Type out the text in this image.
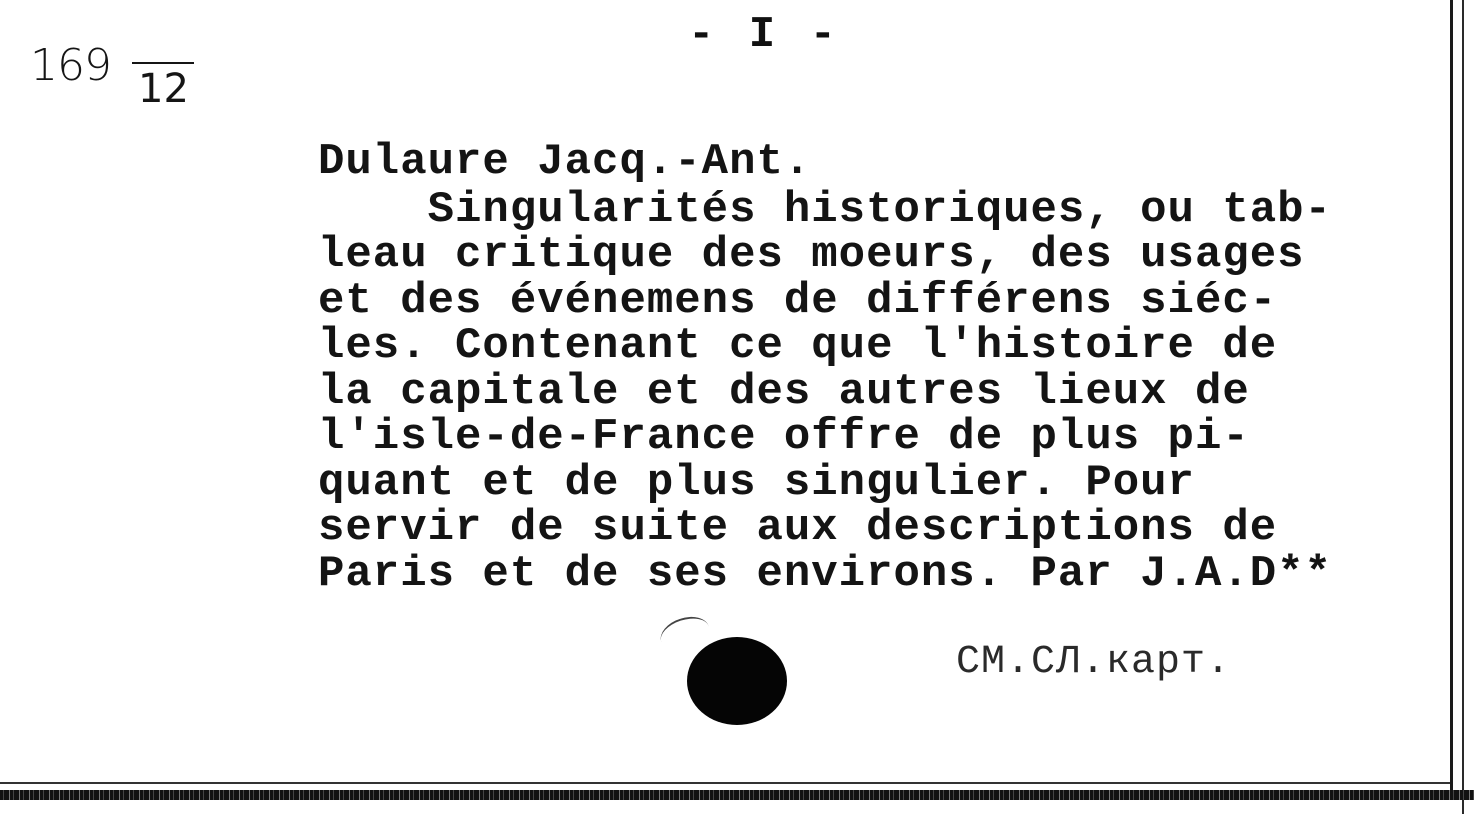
169 12
- I -
Dulaure Jacq.-Ant.
Singularités historiques, ou tab-
leau critique des moeurs, des usages
et des événemens de différens siéc-
les. Contenant ce que l'histoire de
la capitale et des autres lieux de
l'isle-de-France offre de plus pi-
quant et de plus singulier. Pour
servir de suite aux descriptions de
Paris et de ses environs. Par J.A.D**
СМ.СЛ.карт.
